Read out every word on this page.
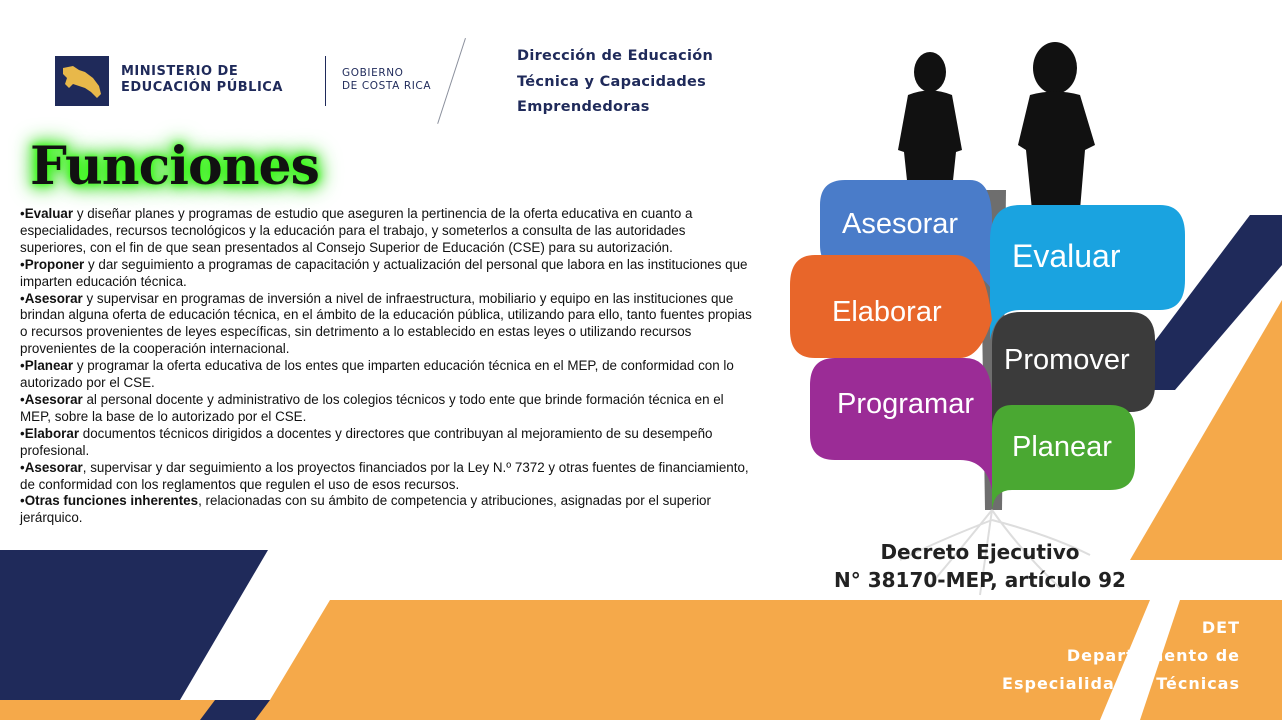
MINISTERIO DE
EDUCACIÓN PÚBLICA
GOBIERNO
DE COSTA RICA
Dirección de Educación
Técnica y Capacidades
Emprendedoras
Funciones

•Evaluar y diseñar planes y programas de estudio que aseguren la pertinencia de la oferta educativa en cuanto a especialidades, recursos tecnológicos y la educación para el trabajo, y someterlos a consulta de las autoridades superiores, con el fin de que sean presentados al Consejo Superior de Educación (CSE) para su autorización.

•Proponer y dar seguimiento a programas de capacitación y actualización del personal que labora en las instituciones que imparten educación técnica.

•Asesorar y supervisar en programas de inversión a nivel de infraestructura, mobiliario y equipo en las instituciones que brindan alguna oferta de educación técnica, en el ámbito de la educación pública, utilizando para ello, tanto fuentes propias o recursos provenientes de leyes específicas, sin detrimento a lo establecido en estas leyes o utilizando recursos provenientes de la cooperación internacional.

•Planear y programar la oferta educativa de los entes que imparten educación técnica en el MEP, de conformidad con lo autorizado por el CSE.

•Asesorar al personal docente y administrativo de los colegios técnicos y todo ente que brinde formación técnica en el MEP, sobre la base de lo autorizado por el CSE.

•Elaborar documentos técnicos dirigidos a docentes y directores que contribuyan al mejoramiento de su desempeño profesional.

•Asesorar, supervisar y dar seguimiento a los proyectos financiados por la Ley N.º 7372 y otras fuentes de financiamiento, de conformidad con los reglamentos que regulen el uso de esos recursos.

•Otras funciones inherentes, relacionadas con su ámbito de competencia y atribuciones, asignadas por el superior jerárquico.

Asesorar
Evaluar
Elaborar
Promover
Programar
Planear
Decreto Ejecutivo
N° 38170-MEP, artículo 92
DET
Departamento de
Especialidades Técnicas
